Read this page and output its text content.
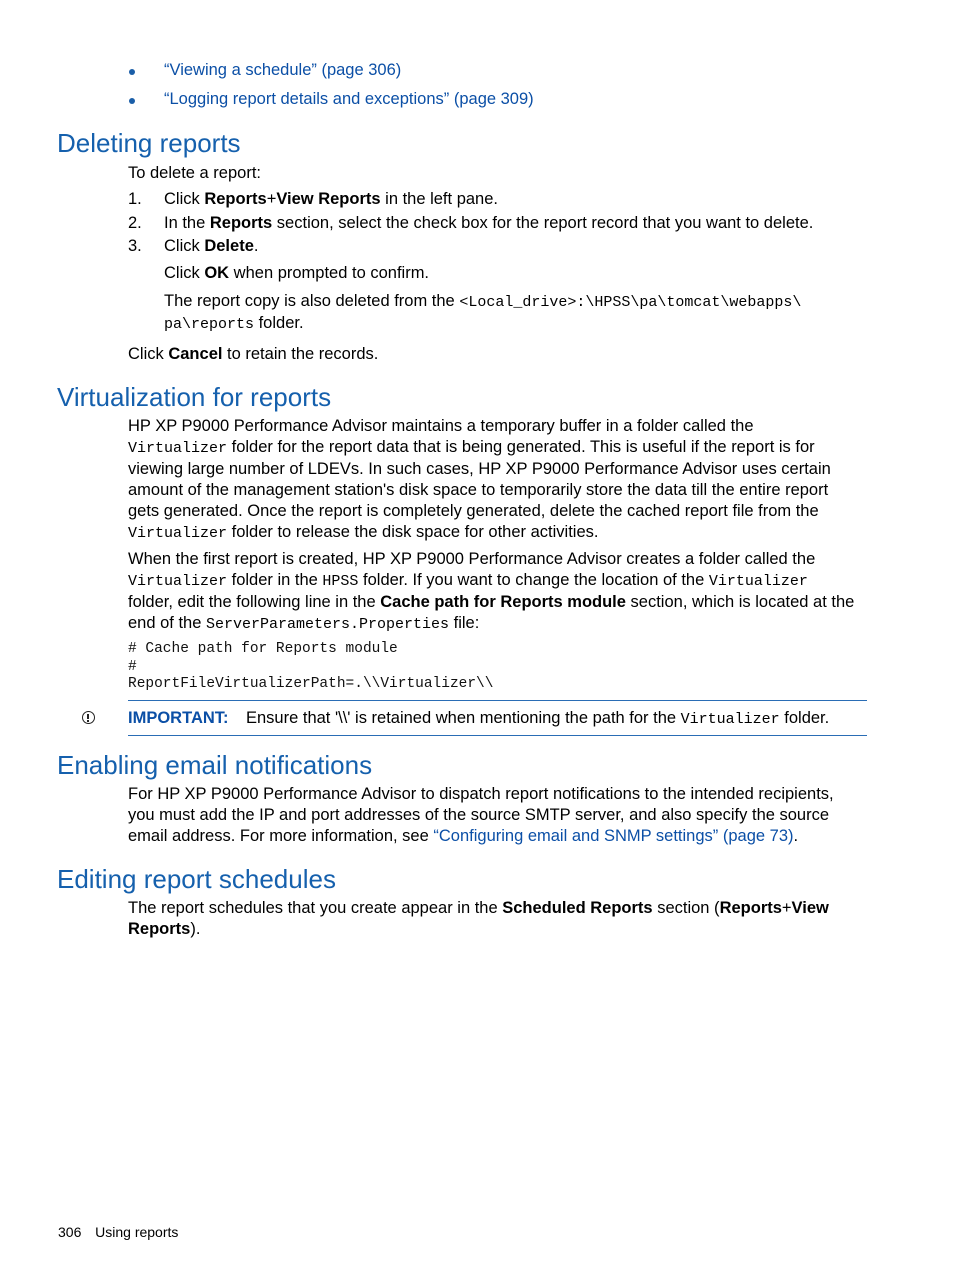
“Viewing a schedule” (page 306)
“Logging report details and exceptions” (page 309)
Deleting reports
To delete a report:
1. Click Reports+View Reports in the left pane.
2. In the Reports section, select the check box for the report record that you want to delete.
3. Click Delete.
Click OK when prompted to confirm.
The report copy is also deleted from the <Local_drive>:\HPSS\pa\tomcat\webapps\
pa\reports folder.
Click Cancel to retain the records.
Virtualization for reports
HP XP P9000 Performance Advisor maintains a temporary buffer in a folder called the
Virtualizer folder for the report data that is being generated. This is useful if the report is for
viewing large number of LDEVs. In such cases, HP XP P9000 Performance Advisor uses certain
amount of the management station's disk space to temporarily store the data till the entire report
gets generated. Once the report is completely generated, delete the cached report file from the
Virtualizer folder to release the disk space for other activities.
When the first report is created, HP XP P9000 Performance Advisor creates a folder called the
Virtualizer folder in the HPSS folder. If you want to change the location of the Virtualizer
folder, edit the following line in the Cache path for Reports module section, which is located at the
end of the ServerParameters.Properties file:
# Cache path for Reports module
#
ReportFileVirtualizerPath=.\\Virtualizer\\
IMPORTANT: Ensure that '\\' is retained when mentioning the path for the Virtualizer folder.
Enabling email notifications
For HP XP P9000 Performance Advisor to dispatch report notifications to the intended recipients,
you must add the IP and port addresses of the source SMTP server, and also specify the source
email address. For more information, see “Configuring email and SNMP settings” (page 73).
Editing report schedules
The report schedules that you create appear in the Scheduled Reports section (Reports+View
Reports).
306 Using reports
